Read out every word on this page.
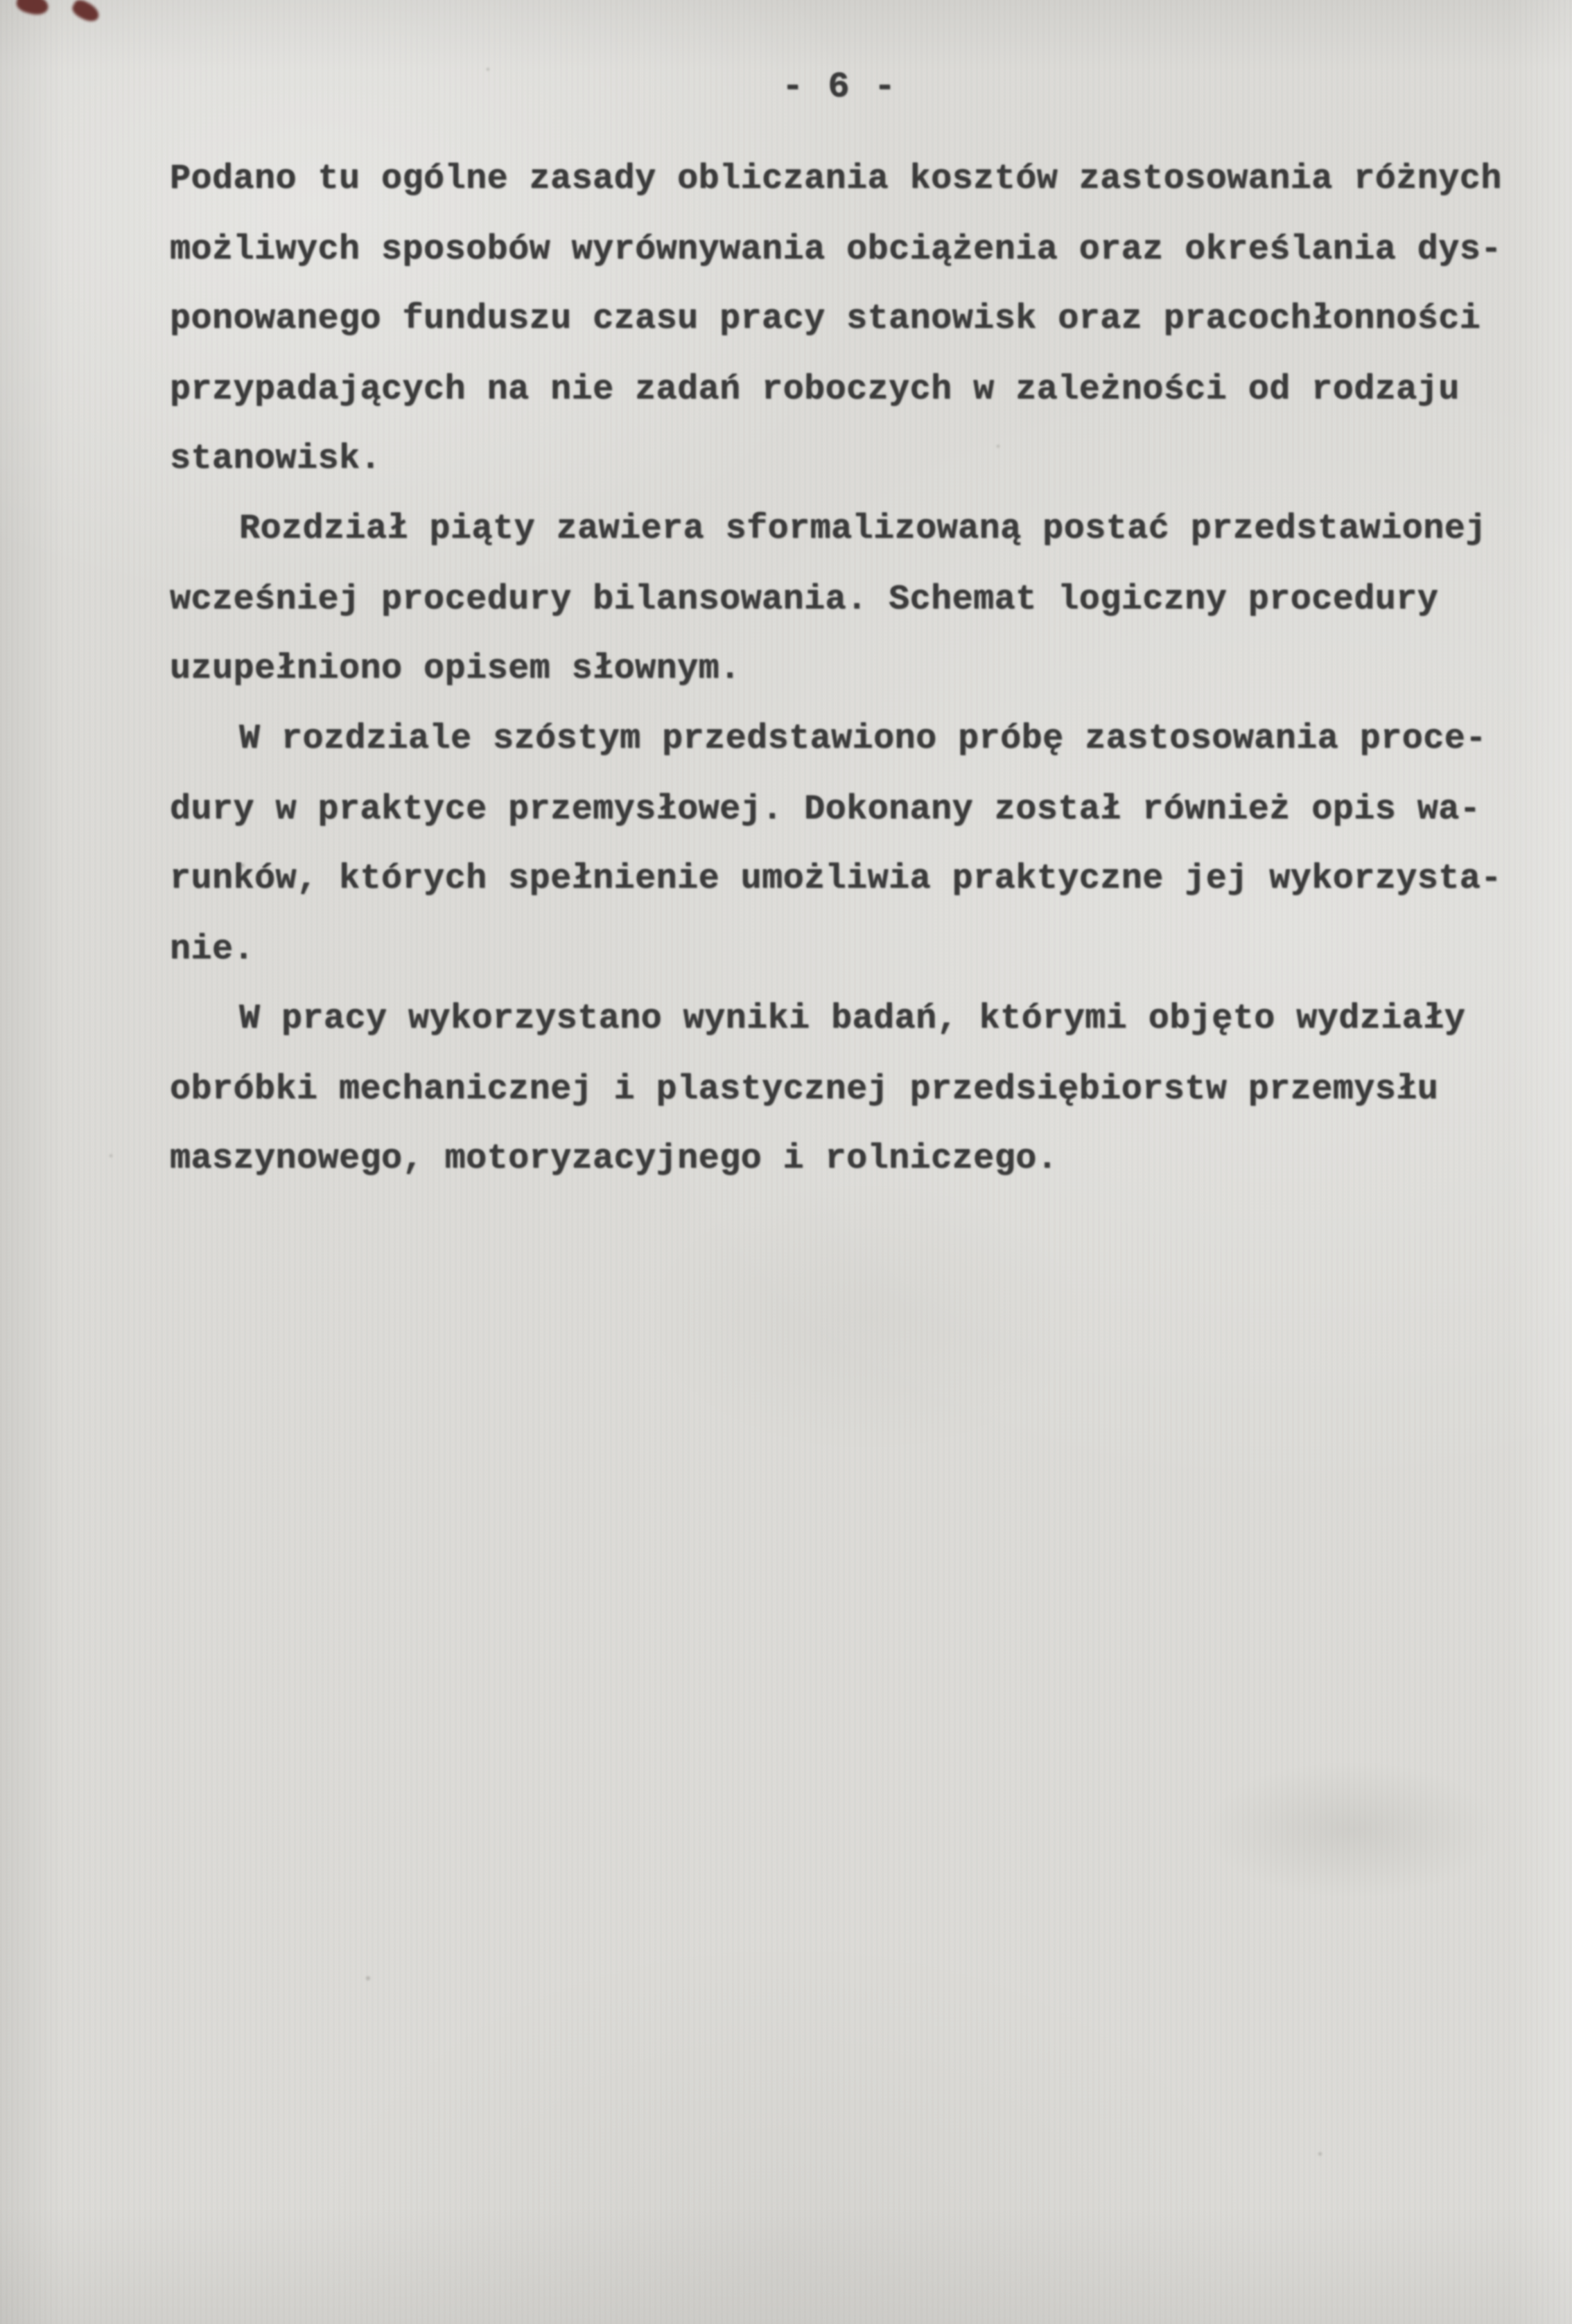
- 6 -
Podano tu ogólne zasady obliczania kosztów zastosowania różnych
możliwych sposobów wyrównywania obciążenia oraz określania dys-
ponowanego funduszu czasu pracy stanowisk oraz pracochłonności
przypadających na nie zadań roboczych w zależności od rodzaju
stanowisk.
Rozdział piąty zawiera sformalizowaną postać przedstawionej
wcześniej procedury bilansowania. Schemat logiczny procedury
uzupełniono opisem słownym.
W rozdziale szóstym przedstawiono próbę zastosowania proce-
dury w praktyce przemysłowej. Dokonany został również opis wa-
runków, których spełnienie umożliwia praktyczne jej wykorzysta-
nie.
W pracy wykorzystano wyniki badań, którymi objęto wydziały
obróbki mechanicznej i plastycznej przedsiębiorstw przemysłu
maszynowego, motoryzacyjnego i rolniczego.
